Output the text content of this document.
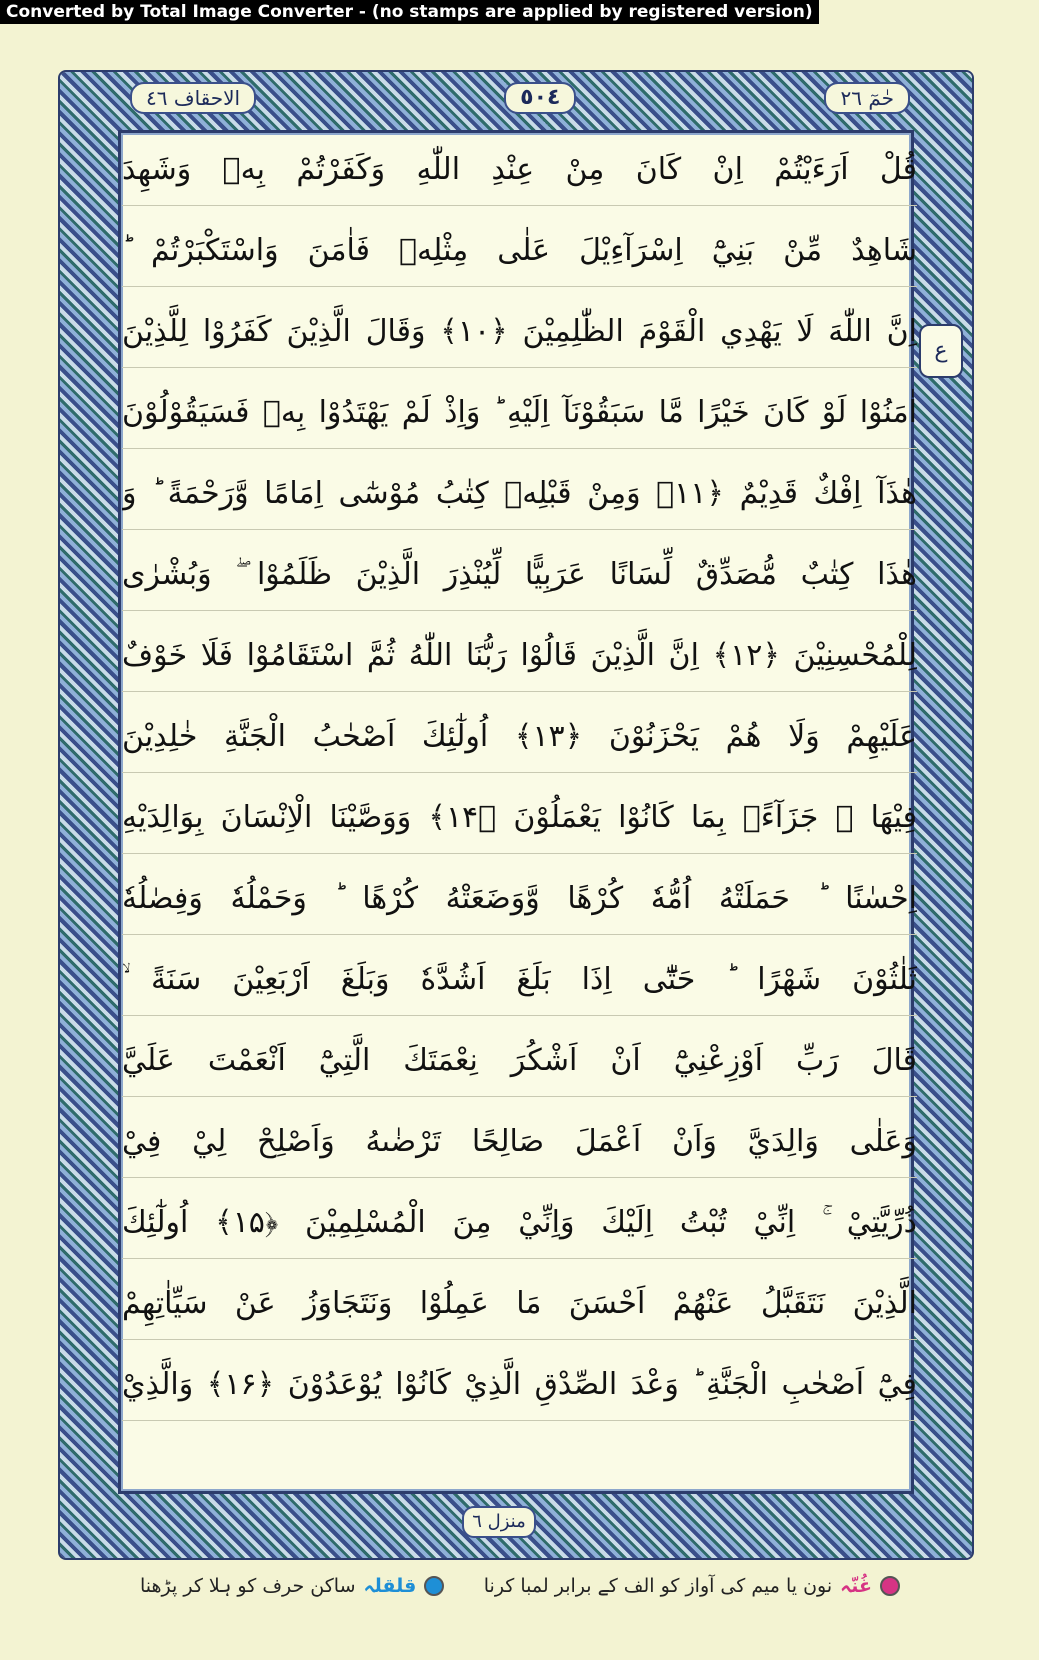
Converted by Total Image Converter - (no stamps are applied by registered version)
حٰمٓ ٢٦
٥٠٤
الاحقاف ٤٦
ع
قُلْ اَرَءَيْتُمْ اِنْ كَانَ مِنْ عِنْدِ اللّٰهِ وَكَفَرْتُمْ بِهٖ وَشَهِدَ
شَاهِدٌ مِّنْ بَنِيْٓ اِسْرَآءِيْلَ عَلٰى مِثْلِهٖ فَاٰمَنَ وَاسْتَكْبَرْتُمْ ؕ
اِنَّ اللّٰهَ لَا يَهْدِي الْقَوْمَ الظّٰلِمِيْنَ ﴿۱۰﴾ وَقَالَ الَّذِيْنَ كَفَرُوْا لِلَّذِيْنَ
اٰمَنُوْا لَوْ كَانَ خَيْرًا مَّا سَبَقُوْنَآ اِلَيْهِ ؕ وَاِذْ لَمْ يَهْتَدُوْا بِهٖ فَسَيَقُوْلُوْنَ
هٰذَآ اِفْكٌ قَدِيْمٌ ﴿۱۱﴾ وَمِنْ قَبْلِهٖ كِتٰبُ مُوْسٰٓى اِمَامًا وَّرَحْمَةً ؕ وَ
هٰذَا كِتٰبٌ مُّصَدِّقٌ لِّسَانًا عَرَبِيًّا لِّيُنْذِرَ الَّذِيْنَ ظَلَمُوْا ۖ وَبُشْرٰى
لِلْمُحْسِنِيْنَ ﴿۱۲﴾ اِنَّ الَّذِيْنَ قَالُوْا رَبُّنَا اللّٰهُ ثُمَّ اسْتَقَامُوْا فَلَا خَوْفٌ
عَلَيْهِمْ وَلَا هُمْ يَحْزَنُوْنَ ﴿۱۳﴾ اُولٰٓئِكَ اَصْحٰبُ الْجَنَّةِ خٰلِدِيْنَ
فِيْهَا ۚ جَزَآءًۢ بِمَا كَانُوْا يَعْمَلُوْنَ ﴿۱۴﴾ وَوَصَّيْنَا الْاِنْسَانَ بِوَالِدَيْهِ
اِحْسٰنًا ؕ حَمَلَتْهُ اُمُّهٗ كُرْهًا وَّوَضَعَتْهُ كُرْهًا ؕ وَحَمْلُهٗ وَفِصٰلُهٗ
ثَلٰثُوْنَ شَهْرًا ؕ حَتّٰٓى اِذَا بَلَغَ اَشُدَّهٗ وَبَلَغَ اَرْبَعِيْنَ سَنَةً ۙ
قَالَ رَبِّ اَوْزِعْنِيْٓ اَنْ اَشْكُرَ نِعْمَتَكَ الَّتِيْٓ اَنْعَمْتَ عَلَيَّ
وَعَلٰى وَالِدَيَّ وَاَنْ اَعْمَلَ صَالِحًا تَرْضٰىهُ وَاَصْلِحْ لِيْ فِيْ
ذُرِّيَّتِيْ ۚ اِنِّيْ تُبْتُ اِلَيْكَ وَاِنِّيْ مِنَ الْمُسْلِمِيْنَ ﴿۱۵﴾ اُولٰٓئِكَ
الَّذِيْنَ نَتَقَبَّلُ عَنْهُمْ اَحْسَنَ مَا عَمِلُوْا وَنَتَجَاوَزُ عَنْ سَيِّاٰتِهِمْ
فِيْٓ اَصْحٰبِ الْجَنَّةِ ؕ وَعْدَ الصِّدْقِ الَّذِيْ كَانُوْا يُوْعَدُوْنَ ﴿۱۶﴾ وَالَّذِيْ
منزل ٦
غُنّہ
نون یا میم کی آواز کو الف کے برابر لمبا کرنا
قلقلہ
ساکن حرف کو ہلا کر پڑھنا
